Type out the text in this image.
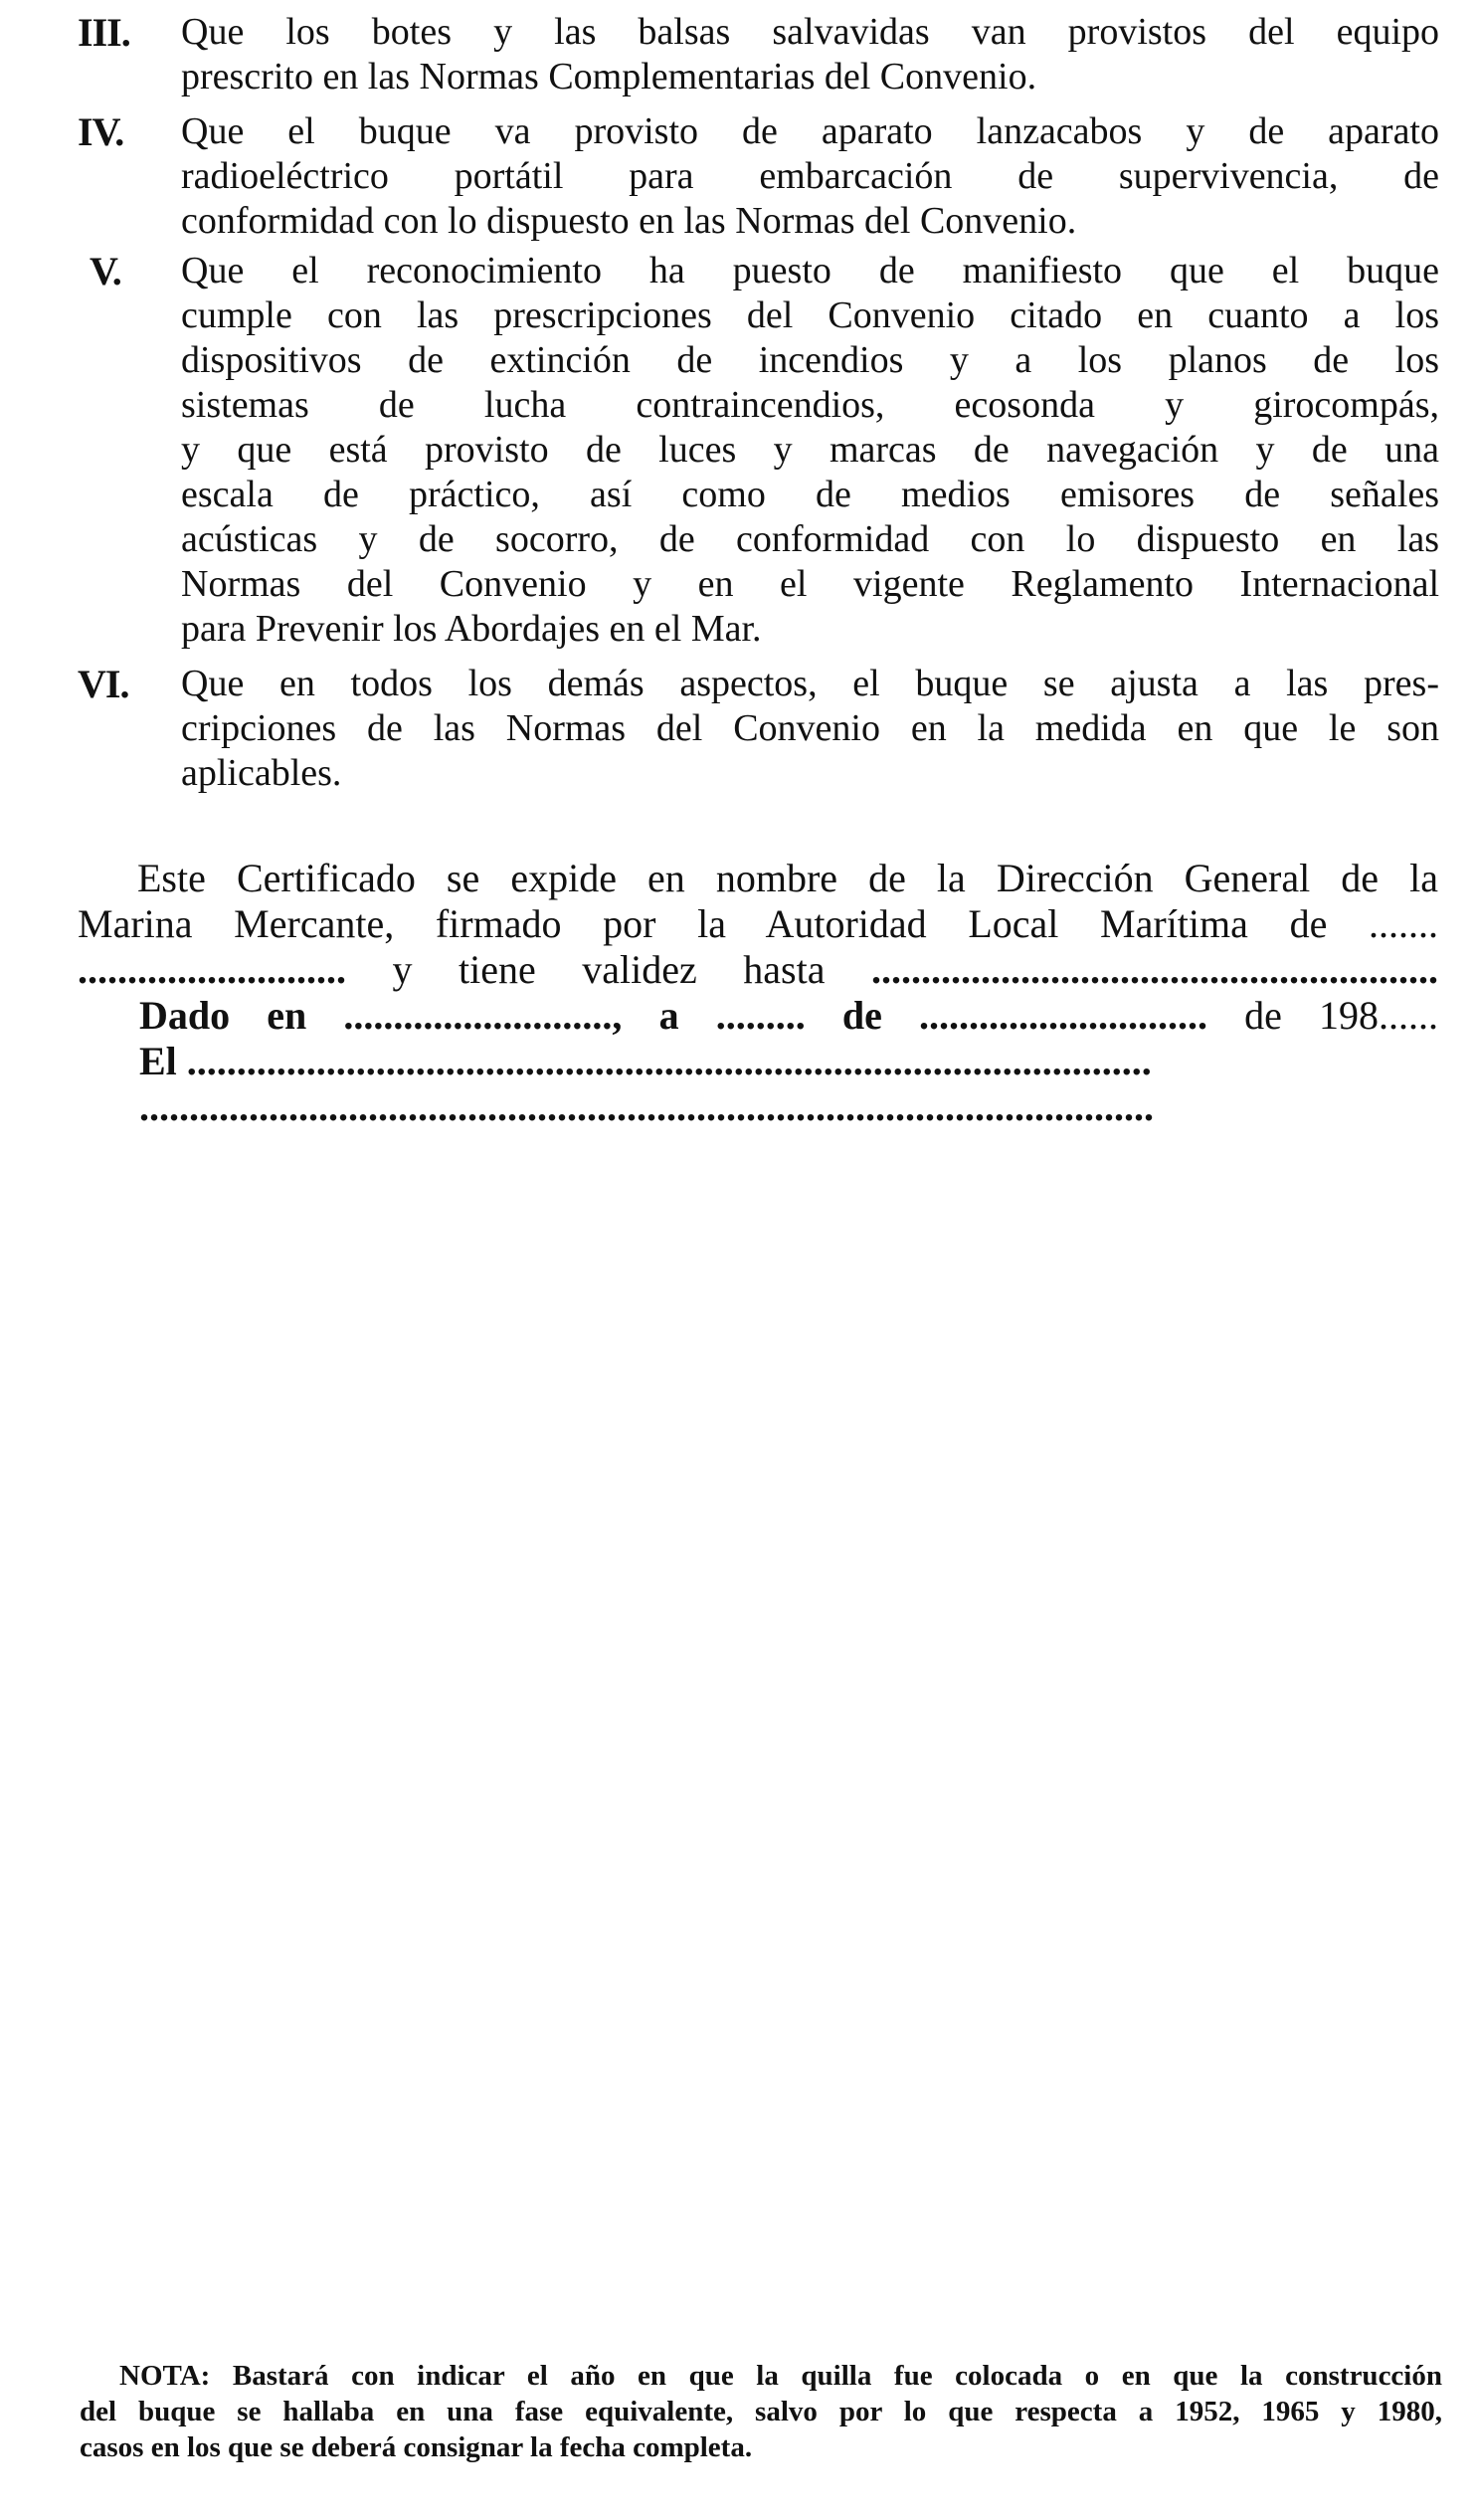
III. Que los botes y las balsas salvavidas van provistos del equipo
prescrito en las Normas Complementarias del Convenio.
IV. Que el buque va provisto de aparato lanzacabos y de aparato
radioeléctrico portátil para embarcación de supervivencia, de
conformidad con lo dispuesto en las Normas del Convenio.
V. Que el reconocimiento ha puesto de manifiesto que el buque
cumple con las prescripciones del Convenio citado en cuanto a los
dispositivos de extinción de incendios y a los planos de los
sistemas de lucha contraincendios, ecosonda y girocompás,
y que está provisto de luces y marcas de navegación y de una
escala de práctico, así como de medios emisores de señales
acústicas y de socorro, de conformidad con lo dispuesto en las
Normas del Convenio y en el vigente Reglamento Internacional
para Prevenir los Abordajes en el Mar.
VI. Que en todos los demás aspectos, el buque se ajusta a las pres-
cripciones de las Normas del Convenio en la medida en que le son
aplicables.
Este Certificado se expide en nombre de la Dirección General de la
Marina Mercante, firmado por la Autoridad Local Marítima de .......
........................... y tiene validez hasta .........................................................
Dado en ..........................., a ......... de ............................. de 198......
El .................................................................................................
......................................................................................................
NOTA: Bastará con indicar el año en que la quilla fue colocada o en que la construcción
del buque se hallaba en una fase equivalente, salvo por lo que respecta a 1952, 1965 y 1980,
casos en los que se deberá consignar la fecha completa.
